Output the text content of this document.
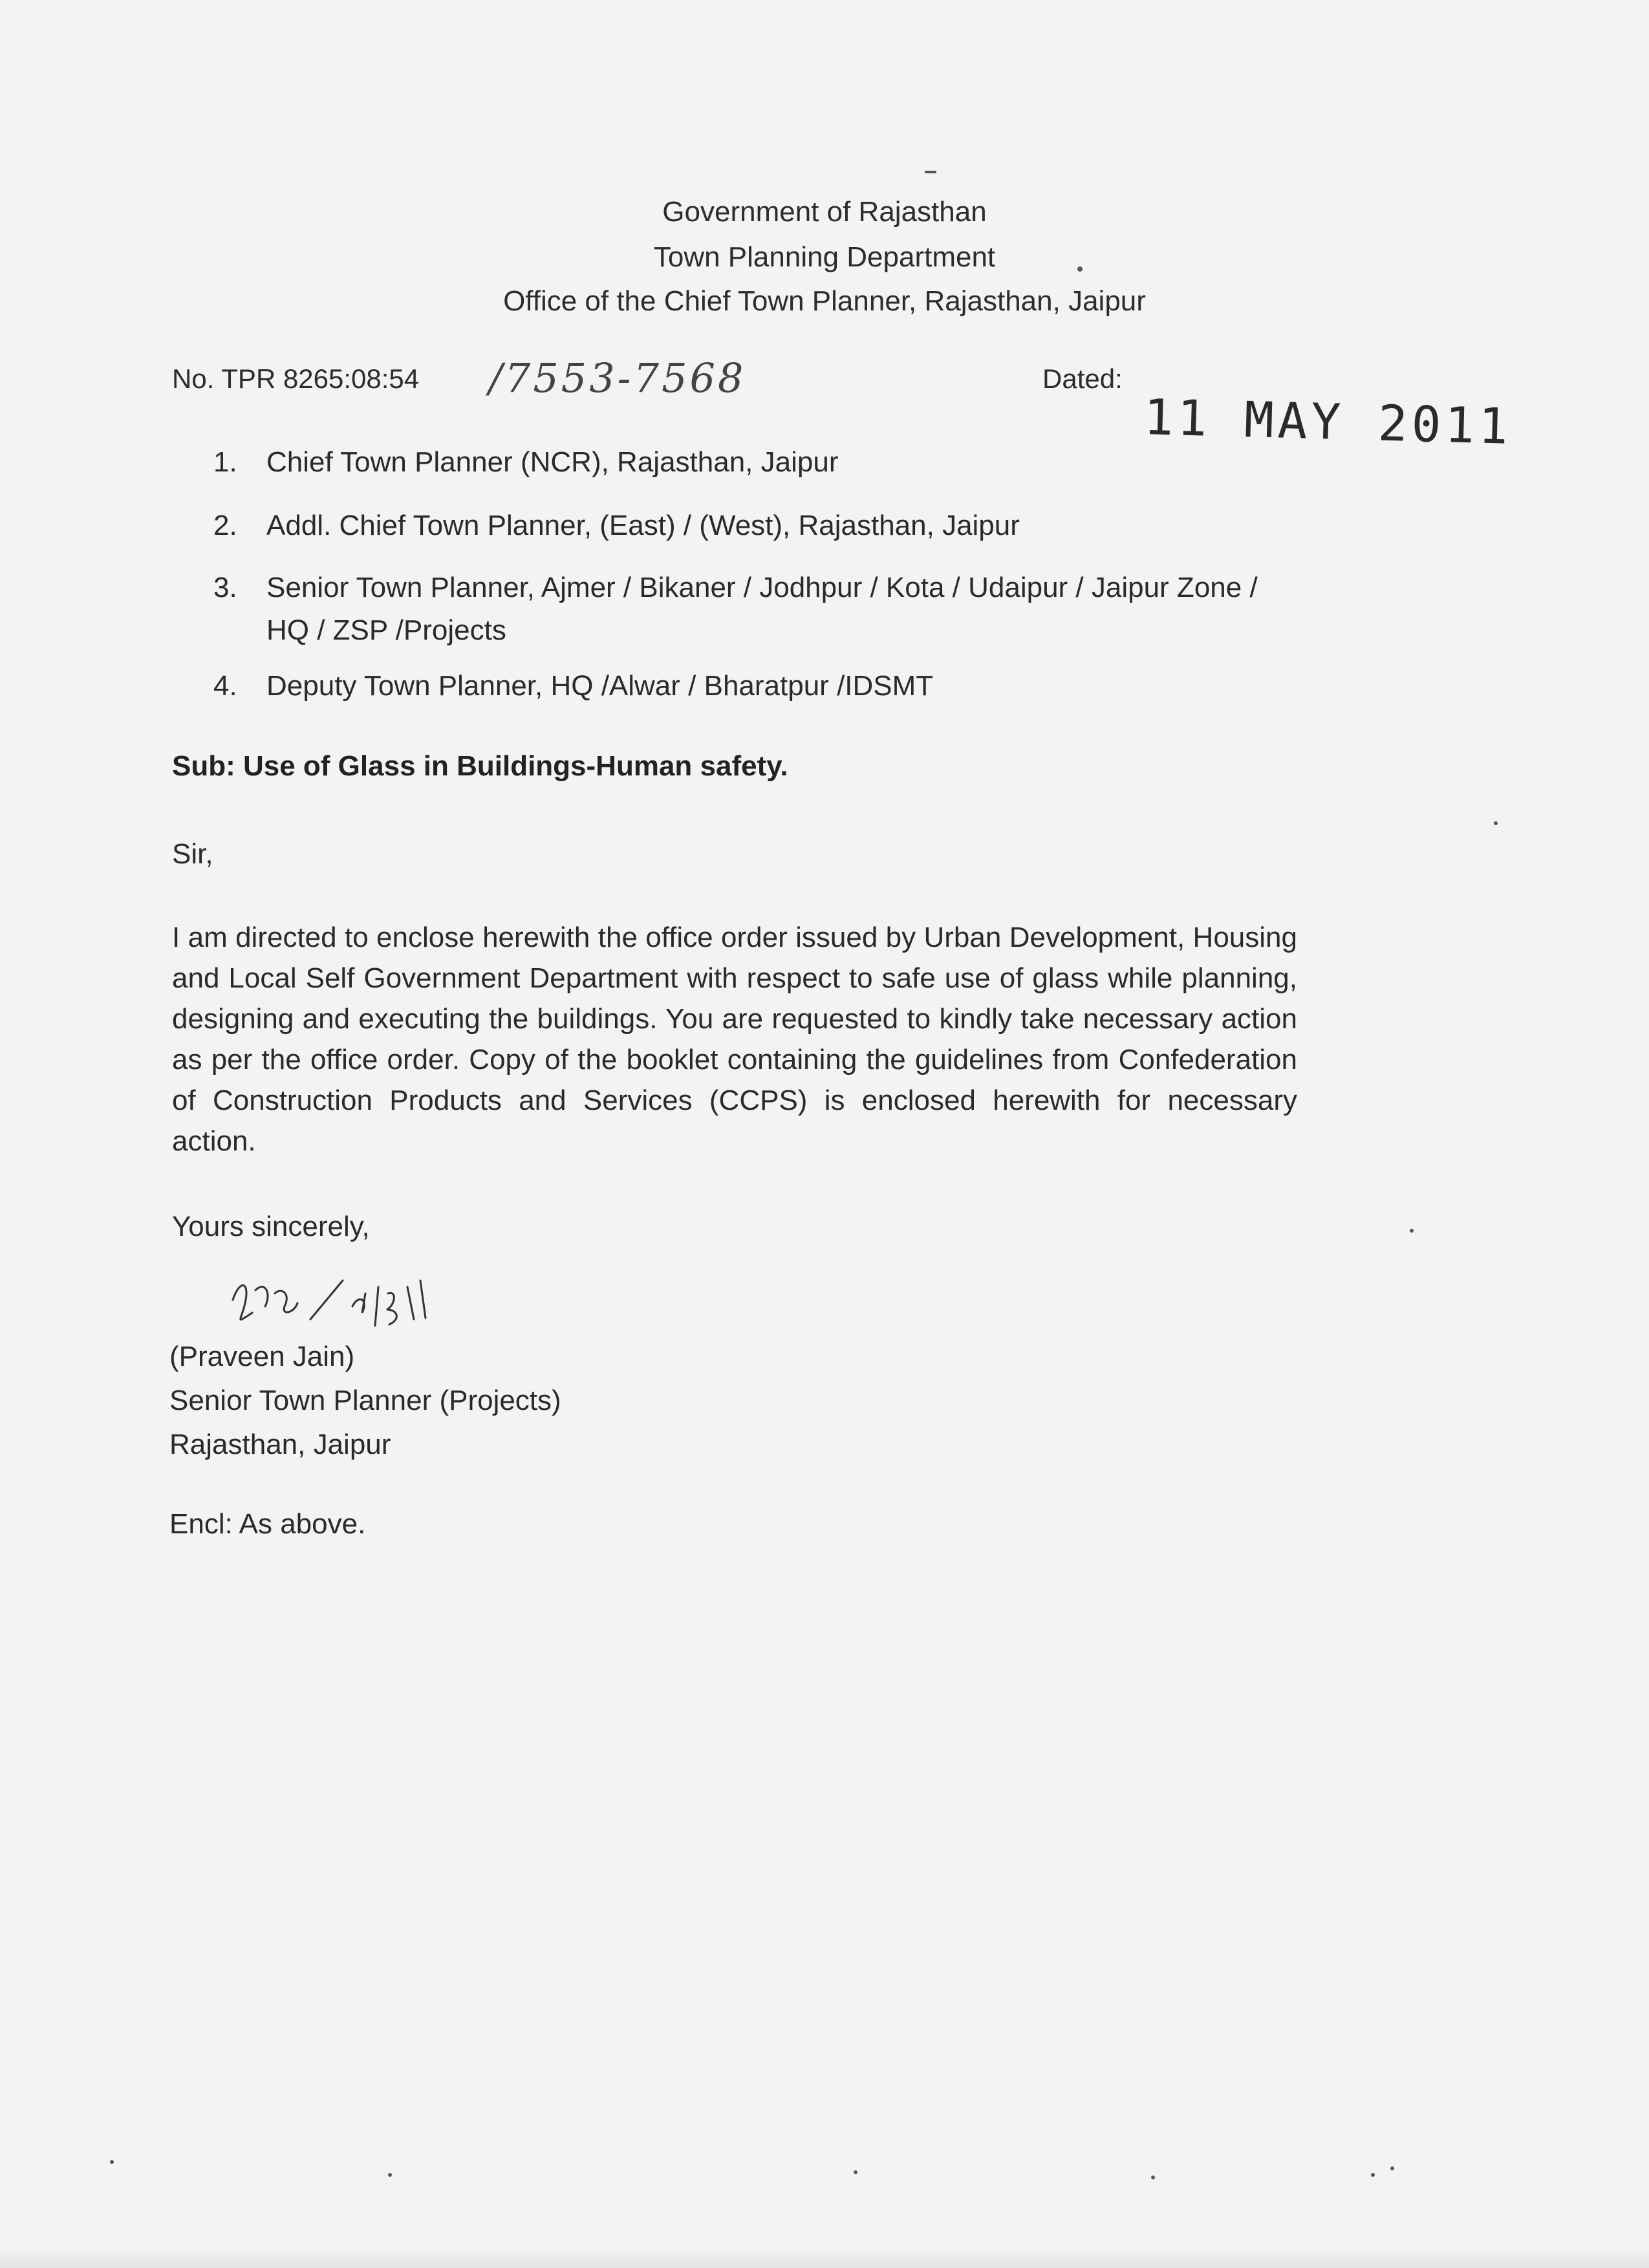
Government of Rajasthan
Town Planning Department
Office of the Chief Town Planner, Rajasthan, Jaipur
No. TPR 8265:08:54 /7553-7568	Dated:
11 MAY 2011
1.	Chief Town Planner (NCR), Rajasthan, Jaipur
2.	Addl. Chief Town Planner, (East) / (West), Rajasthan, Jaipur
3.	Senior Town Planner, Ajmer / Bikaner / Jodhpur / Kota / Udaipur / Jaipur Zone / HQ / ZSP /Projects
4.	Deputy Town Planner, HQ /Alwar / Bharatpur /IDSMT
Sub: Use of Glass in Buildings-Human safety.
Sir,
I am directed to enclose herewith the office order issued by Urban Development, Housing and Local Self Government Department with respect to safe use of glass while planning, designing and executing the buildings. You are requested to kindly take necessary action as per the office order. Copy of the booklet containing the guidelines from Confederation of Construction Products and Services (CCPS) is enclosed herewith for necessary action.
Yours sincerely,
(Praveen Jain)
Senior Town Planner (Projects)
Rajasthan, Jaipur
Encl: As above.
